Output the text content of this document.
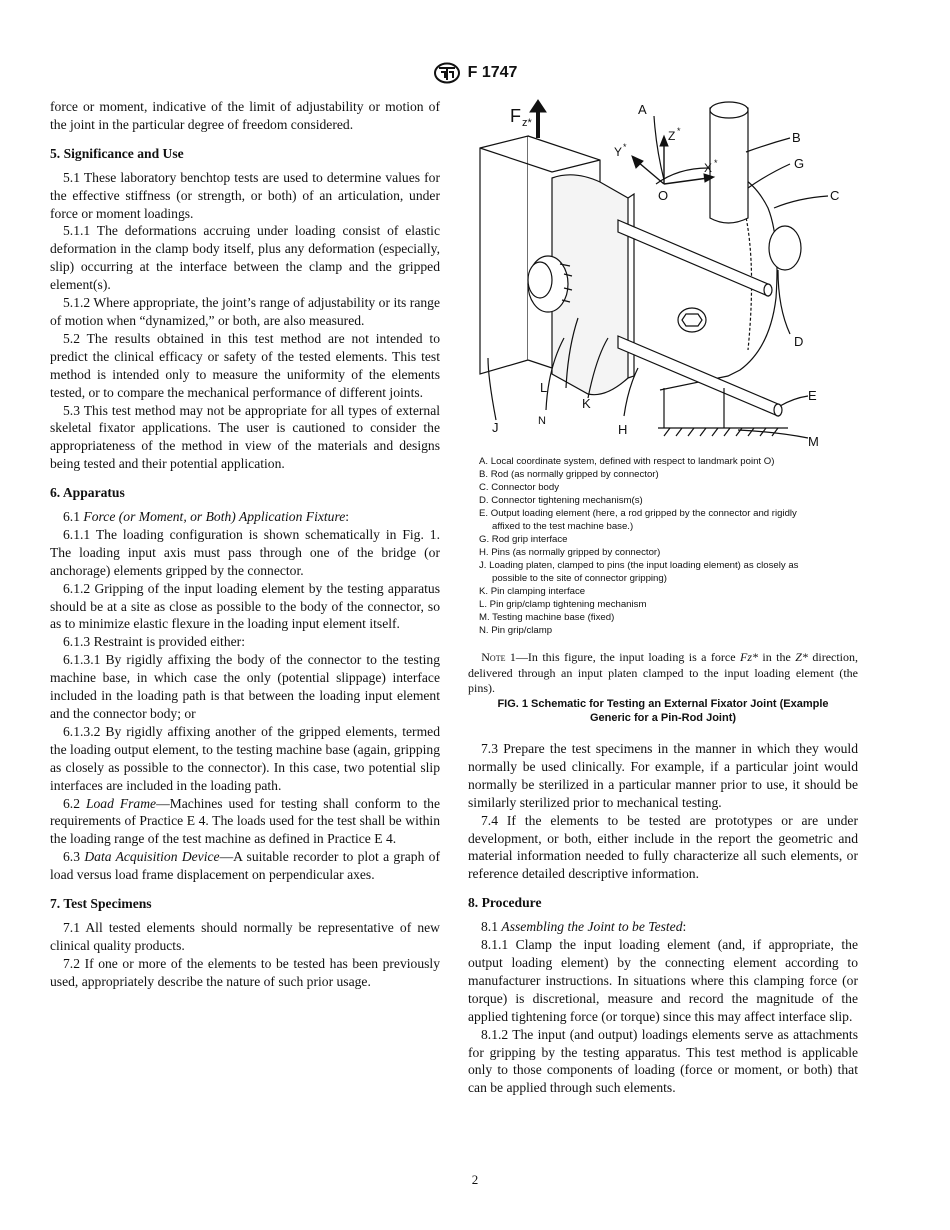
F 1747

force or moment, indicative of the limit of adjustability or motion of the joint in the particular degree of freedom considered.

5. Significance and Use

5.1 These laboratory benchtop tests are used to determine values for the effective stiffness (or strength, or both) of an articulation, under force or moment loadings.

5.1.1 The deformations accruing under loading consist of elastic deformation in the clamp body itself, plus any deformation (especially, slip) occurring at the interface between the clamp and the gripped element(s).

5.1.2 Where appropriate, the joint’s range of adjustability or its range of motion when “dynamized,” or both, are also measured.

5.2 The results obtained in this test method are not intended to predict the clinical efficacy or safety of the tested elements. This test method is intended only to measure the uniformity of the elements tested, or to compare the mechanical performance of different joints.

5.3 This test method may not be appropriate for all types of external skeletal fixator applications. The user is cautioned to consider the appropriateness of the method in view of the materials and designs being tested and their potential application.

6. Apparatus

6.1 Force (or Moment, or Both) Application Fixture:

6.1.1 The loading configuration is shown schematically in Fig. 1. The loading input axis must pass through one of the bridge (or anchorage) elements gripped by the connector.

6.1.2 Gripping of the input loading element by the testing apparatus should be at a site as close as possible to the body of the connector, so as to minimize elastic flexure in the loading input element itself.

6.1.3 Restraint is provided either:

6.1.3.1 By rigidly affixing the body of the connector to the testing machine base, in which case the only (potential slippage) interface included in the loading path is that between the loading input element and the connector body; or

6.1.3.2 By rigidly affixing another of the gripped elements, termed the loading output element, to the testing machine base (again, gripping as closely as possible to the connector). In this case, two potential slip interfaces are included in the loading path.

6.2 Load Frame—Machines used for testing shall conform to the requirements of Practice E 4. The loads used for the test shall be within the loading range of the test machine as defined in Practice E 4.

6.3 Data Acquisition Device—A suitable recorder to plot a graph of load versus load frame displacement on perpendicular axes.

7. Test Specimens

7.1 All tested elements should normally be representative of new clinical quality products.

7.2 If one or more of the elements to be tested has been previously used, appropriately describe the nature of such prior usage.

F z*
A
B
G
C
D
E
M
H
J	N
K
L
O
X *
Y *
Z *
A. Local coordinate system, defined with respect to landmark point O)
B. Rod (as normally gripped by connector)
C. Connector body
D. Connector tightening mechanism(s)
E. Output loading element (here, a rod gripped by the connector and rigidly
affixed to the test machine base.)
G. Rod grip interface
H. Pins (as normally gripped by connector)
J. Loading platen, clamped to pins (the input loading element) as closely as
possible to the site of connector gripping)
K. Pin clamping interface
L. Pin grip/clamp tightening mechanism
M. Testing machine base (fixed)
N. Pin grip/clamp
Note 1—In this figure, the input loading is a force Fz* in the Z* direction, delivered through an input platen clamped to the input loading element (the pins).
FIG. 1 Schematic for Testing an External Fixator Joint (Example
Generic for a Pin-Rod Joint)

7.3 Prepare the test specimens in the manner in which they would normally be used clinically. For example, if a particular joint would normally be sterilized in a particular manner prior to use, it should be similarly sterilized prior to mechanical testing.

7.4 If the elements to be tested are prototypes or are under development, or both, either include in the report the geometric and material information needed to fully characterize all such elements, or reference detailed descriptive information.

8. Procedure

8.1 Assembling the Joint to be Tested:

8.1.1 Clamp the input loading element (and, if appropriate, the output loading element) by the connecting element according to manufacturer instructions. In situations where this clamping force (or torque) is discretional, measure and record the magnitude of the applied tightening force (or torque) since this may affect interface slip.

8.1.2 The input (and output) loadings elements serve as attachments for gripping by the testing apparatus. This test method is applicable only to those components of loading (force or moment, or both) that can be applied through such elements.

2
